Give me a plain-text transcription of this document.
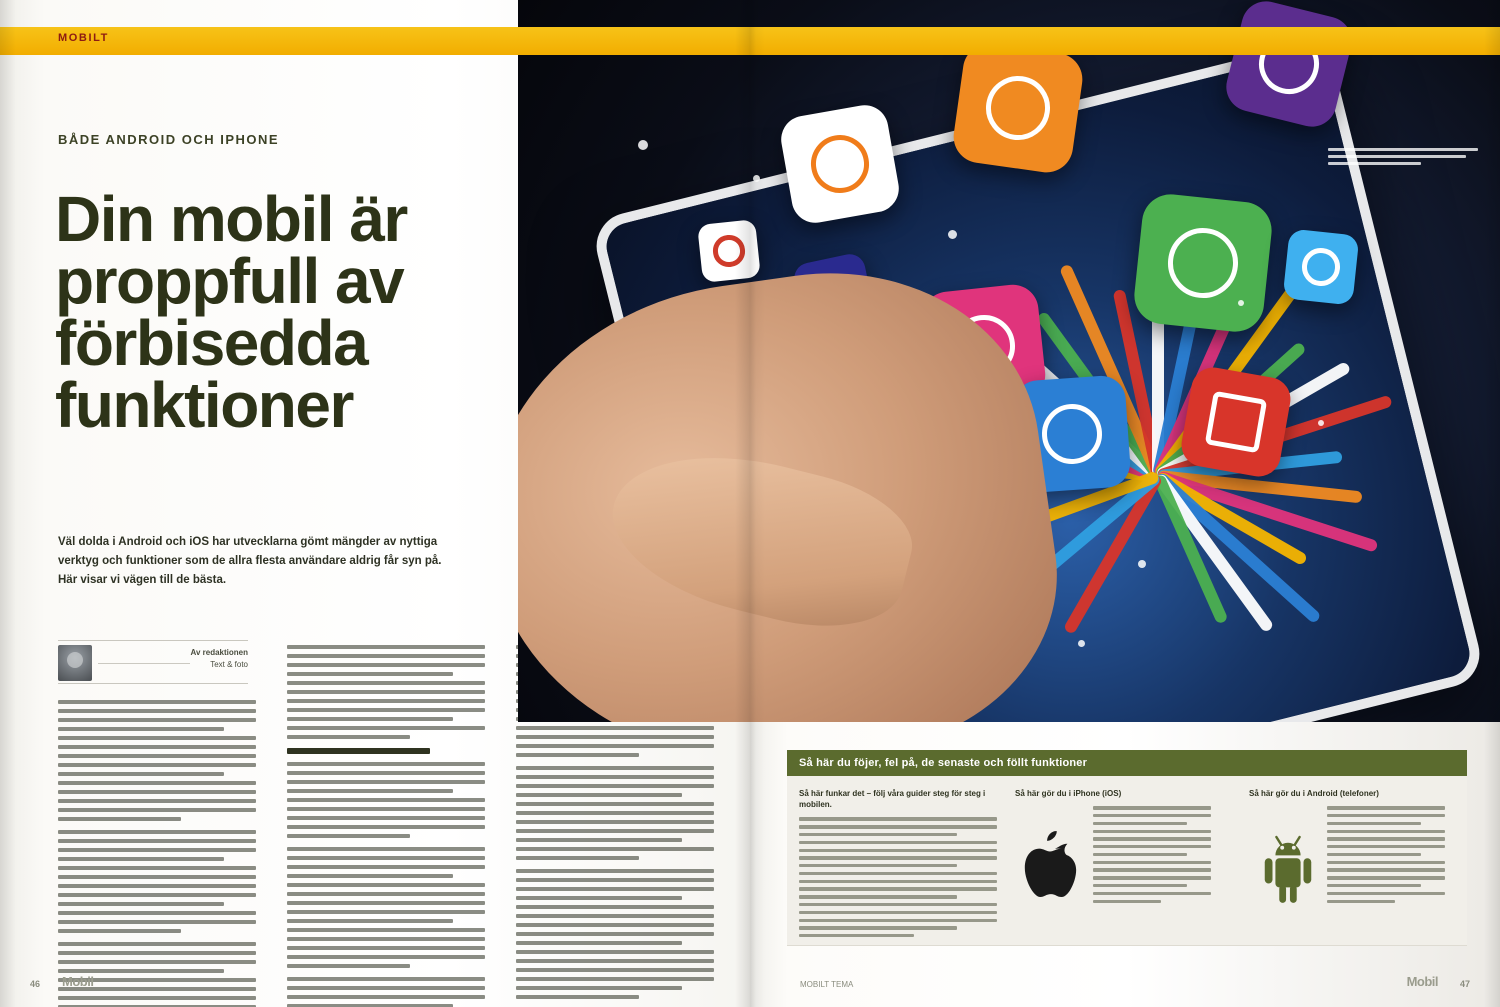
MOBILT
BÅDE ANDROID OCH IPHONE
Din mobil är proppfull av förbisedda funktioner
Väl dolda i Android och iOS har utvecklarna gömt mängder av nyttiga verktyg och funktioner som de allra flesta användare aldrig får syn på. Här visar vi vägen till de bästa.
Av redaktionen
Text & foto
Så här du föjer, fel på, de senaste och föllt funktioner
Så här funkar det – följ våra guider steg för steg i mobilen.
Så här gör du i iPhone (iOS)	Så här gör du i Android (telefoner)
46 Mobil	MOBILT TEMA	Mobil 47
